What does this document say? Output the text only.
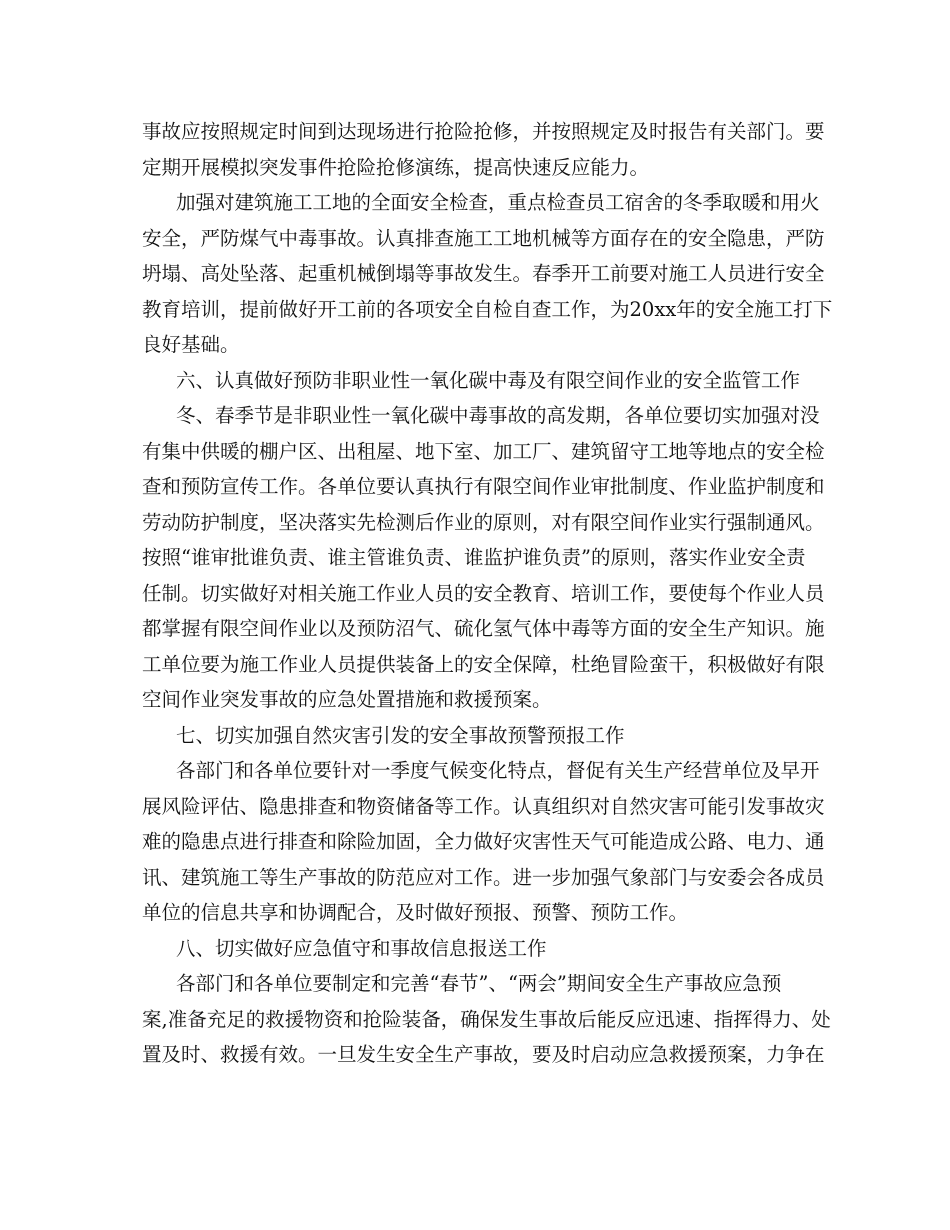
事故应按照规定时间到达现场进行抢险抢修，并按照规定及时报告有关部门。要
定期开展模拟突发事件抢险抢修演练，提高快速反应能力。
加强对建筑施工工地的全面安全检查，重点检查员工宿舍的冬季取暖和用火
安全，严防煤气中毒事故。认真排查施工工地机械等方面存在的安全隐患，严防
坍塌、高处坠落、起重机械倒塌等事故发生。春季开工前要对施工人员进行安全
教育培训，提前做好开工前的各项安全自检自查工作，为20xx年的安全施工打下
良好基础。
六、认真做好预防非职业性一氧化碳中毒及有限空间作业的安全监管工作
冬、春季节是非职业性一氧化碳中毒事故的高发期，各单位要切实加强对没
有集中供暖的棚户区、出租屋、地下室、加工厂、建筑留守工地等地点的安全检
查和预防宣传工作。各单位要认真执行有限空间作业审批制度、作业监护制度和
劳动防护制度，坚决落实先检测后作业的原则，对有限空间作业实行强制通风。
按照“谁审批谁负责、谁主管谁负责、谁监护谁负责”的原则，落实作业安全责
任制。切实做好对相关施工作业人员的安全教育、培训工作，要使每个作业人员
都掌握有限空间作业以及预防沼气、硫化氢气体中毒等方面的安全生产知识。施
工单位要为施工作业人员提供装备上的安全保障，杜绝冒险蛮干，积极做好有限
空间作业突发事故的应急处置措施和救援预案。
七、切实加强自然灾害引发的安全事故预警预报工作
各部门和各单位要针对一季度气候变化特点，督促有关生产经营单位及早开
展风险评估、隐患排查和物资储备等工作。认真组织对自然灾害可能引发事故灾
难的隐患点进行排查和除险加固，全力做好灾害性天气可能造成公路、电力、通
讯、建筑施工等生产事故的防范应对工作。进一步加强气象部门与安委会各成员
单位的信息共享和协调配合，及时做好预报、预警、预防工作。
八、切实做好应急值守和事故信息报送工作
各部门和各单位要制定和完善“春节”、“两会”期间安全生产事故应急预
案,准备充足的救援物资和抢险装备，确保发生事故后能反应迅速、指挥得力、处
置及时、救援有效。一旦发生安全生产事故，要及时启动应急救援预案，力争在
